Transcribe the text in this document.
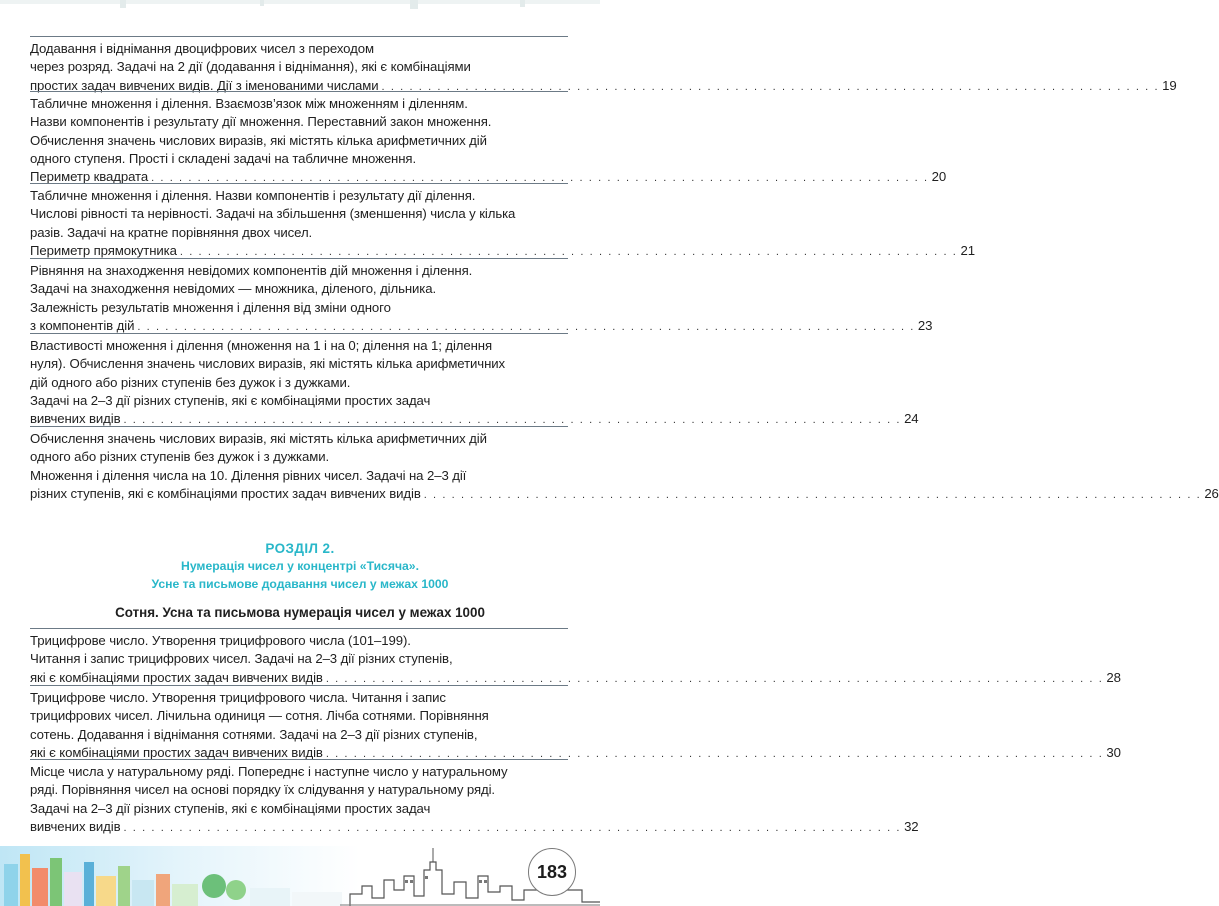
Додавання і віднімання двоцифрових чисел з переходом
через розряд. Задачі на 2 дії (додавання і віднімання), які є комбінаціями
простих задач вивчених видів. Дії з іменованими числами . . . . . . . . . . . . . . . . . . . . . . . . . . . . . . . . . . . . . . . . . . . . . . . . . . . . . . . . . . . . . . . . . . . . . . . . . . . . . . . . . . . . 19
Табличне множення і ділення. Взаємозв’язок між множенням і діленням.
Назви компонентів і результату дії множення. Переставний закон множення.
Обчислення значень числових виразів, які містять кілька арифметичних дій
одного ступеня. Прості і складені задачі на табличне множення.
Периметр квадрата . . . . . . . . . . . . . . . . . . . . . . . . . . . . . . . . . . . . . . . . . . . . . . . . . . . . . . . . . . . . . . . . . . . . . . . . . . . . . . . . . . . . 20
Табличне множення і ділення. Назви компонентів і результату дії ділення.
Числові рівності та нерівності. Задачі на збільшення (зменшення) числа у кілька
разів. Задачі на кратне порівняння двох чисел.
Периметр прямокутника . . . . . . . . . . . . . . . . . . . . . . . . . . . . . . . . . . . . . . . . . . . . . . . . . . . . . . . . . . . . . . . . . . . . . . . . . . . . . . . . . . . . 21
Рівняння на знаходження невідомих компонентів дій множення і ділення.
Задачі на знаходження невідомих — множника, діленого, дільника.
Залежність результатів множення і ділення від зміни одного
з компонентів дій . . . . . . . . . . . . . . . . . . . . . . . . . . . . . . . . . . . . . . . . . . . . . . . . . . . . . . . . . . . . . . . . . . . . . . . . . . . . . . . . . . . . 23
Властивості множення і ділення (множення на 1 і на 0; ділення на 1; ділення
нуля). Обчислення значень числових виразів, які містять кілька арифметичних
дій одного або різних ступенів без дужок і з дужками.
Задачі на 2–3 дії різних ступенів, які є комбінаціями простих задач
вивчених видів . . . . . . . . . . . . . . . . . . . . . . . . . . . . . . . . . . . . . . . . . . . . . . . . . . . . . . . . . . . . . . . . . . . . . . . . . . . . . . . . . . . . 24
Обчислення значень числових виразів, які містять кілька арифметичних дій
одного або різних ступенів без дужок і з дужками.
Множення і ділення числа на 10. Ділення рівних чисел. Задачі на 2–3 дії
різних ступенів, які є комбінаціями простих задач вивчених видів . . . . . . . . . . . . . . . . . . . . . . . . . . . . . . . . . . . . . . . . . . . . . . . . . . . . . . . . . . . . . . . . . . . . . . . . . . . . . . . . . . . . 26
РОЗДІЛ 2.
Нумерація чисел у концентрі «Тисяча».
Усне та письмове додавання чисел у межах 1000
Сотня. Усна та письмова нумерація чисел у межах 1000
Трицифрове число. Утворення трицифрового числа (101–199).
Читання і запис трицифрових чисел. Задачі на 2–3 дії різних ступенів,
які є комбінаціями простих задач вивчених видів . . . . . . . . . . . . . . . . . . . . . . . . . . . . . . . . . . . . . . . . . . . . . . . . . . . . . . . . . . . . . . . . . . . . . . . . . . . . . . . . . . . . 28
Трицифрове число. Утворення трицифрового числа. Читання і запис
трицифрових чисел. Лічильна одиниця — сотня. Лічба сотнями. Порівняння
сотень. Додавання і віднімання сотнями. Задачі на 2–3 дії різних ступенів,
які є комбінаціями простих задач вивчених видів . . . . . . . . . . . . . . . . . . . . . . . . . . . . . . . . . . . . . . . . . . . . . . . . . . . . . . . . . . . . . . . . . . . . . . . . . . . . . . . . . . . . 30
Місце числа у натуральному ряді. Попереднє і наступне число у натуральному
ряді. Порівняння чисел на основі порядку їх слідування у натуральному ряді.
Задачі на 2–3 дії різних ступенів, які є комбінаціями простих задач
вивчених видів . . . . . . . . . . . . . . . . . . . . . . . . . . . . . . . . . . . . . . . . . . . . . . . . . . . . . . . . . . . . . . . . . . . . . . . . . . . . . . . . . . . . 32
183
